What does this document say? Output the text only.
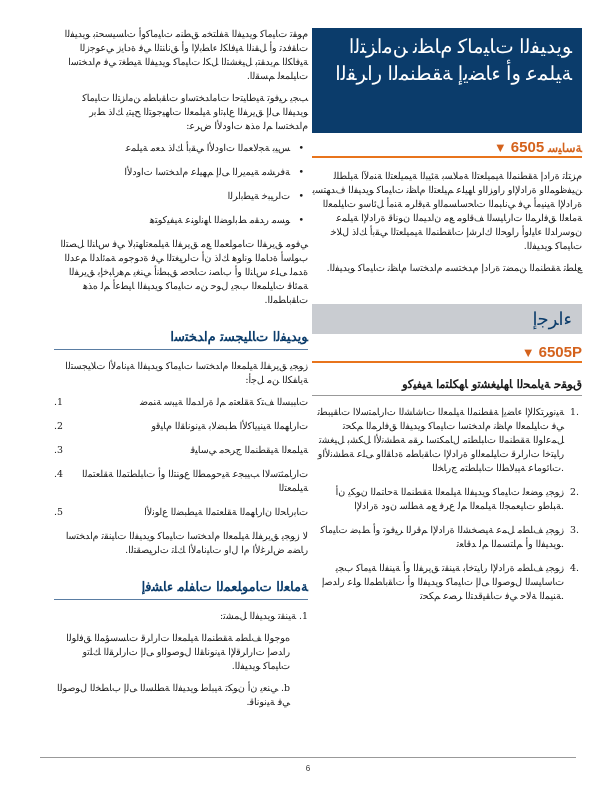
ﻡﻮﻘﺗ ﺕﺎﻴﻣﺎﻛ ﻮﻳﺪﻴﻔﻟﺍ ﺔﻔﻠﺘﺨﻣ ﻖﻄﻨﻣ ﺕﺎﻴﻣﺎﻛﻭﺃ ﺕﺎﺴﻴﺴﺤﺘﺑ ﻮﻳﺪﻴﻔﻟﺍ ﺕﺎﻘﻓﺪﺗ ﻭﺃ ﻞﻘﻨﻟﺍ ﺔﻴﻓﺎﻜﻟ ﺀﺎﻄﺑﻹﺍ ﻭﺃ ﻖﻧﺎﻨﺘﻟﺍ ﻲﻓ ﺓﺩﺎﻳﺯ ﻲﻋﻮﺟﺯﻟﺍ ﺔﻴﻓﺎﻜﻟﺍ ﻢﻳﺪﻘﺘﺑ ﻞﻴﻐﺸﺘﻟﺍ ﻞﻜﻟ ﺕﺎﻴﻣﺎﻛ ﻮﻳﺪﻴﻔﻟﺍ ﺔﻴﻄﻐﺗ ﻲﻓ ﻡﺍﺪﺨﺘﺳﺍ ﺕﺎﻴﻠﻤﻌﻟ ﻢﺴﻘﻟﺍ.

ﺐﺠﻳ ﺮﻴﻓﻮﺗ ﺔﻴﻃﺎﻴﺘﺣﺍ ﺕﺎﻣﺍﺪﺨﺘﺳﺍﻭ ﺕﺎﻘﺑﺎﻄﻣ ﻦﻣﺍﺰﺘﻟﺍ ﺕﺎﻴﻣﺎﻛ ﻮﻳﺪﻴﻔﻟﺍ ﻰﻟﺇ ﻖﻳﺮﻔﻟﺍ ﻉﺎﺒﺗﺍﻭ ﺔﻴﻠﻤﻌﻟﺍ ﺕﺎﻬﻴﺟﻮﺘﻟﺍ ﺢﻴﺘﻳ ﻚﻟﺫ ﻂﺑﺭ ﻡﺍﺪﺨﺘﺳﺍ ﻢﻟ ﻩﺬﻫ ﺕﺍﻭﺩﻷﺍ ﺽﺮﻋ:

• ﺲﻴﺑ ﺔﺠﻟﺎﻌﻤﻟﺍ ﺕﺍﻭﺩﻷﺍ ﻲﻘﺑﺃ ﻚﻟﺫ ﺪﻌﻣ ﺔﻴﻠﻤﻋ
• ﺔﻓﺮﺸﻣ ﺔﻴﻤﻳﺮﻟﺍ ﻰﻟﺇ ﻢﻬﻴﻠﻋ ﻡﺍﺪﺨﺘﺳﺍ ﺕﺍﻭﺩﻷﺍ
• ﺕﺍﺮﻴﺒﺧ ﺔﻴﻄﺑﺍﺮﻟﺍ
• ﻮﺴﻣ ﺭﺪﻘﻣ ﻂﺑﺍﻮﻀﻟﺍ ﺎﻬﻧﺍﻮﻨﻋ ﺔﻴﻔﻴﻛﻮﺘﻫ

ﻲﻓﻮﻣ ﻖﻳﺮﻔﻟﺍ ﺕﺎﻣﻮﻠﻌﻤﻟﺍ ﻊﻣ ﻖﻳﺮﻔﻟﺍ ﺔﻴﻠﻤﻌﺗﺎﻬﺘﺑﻻ ﻲﻓ ﺱﺎﻨﻟﺍ ﻞﺼﺘﻟﺍ ﺏﻮﻠﺳﺃ ﺓﺩﺎﻤﻟﺍ ﻮﻧﺍﻮﻫ ﻚﻟﺫ ﻥﺃ ﺕﺍﺮﻴﻐﺘﻟﺍ ﻲﻓ ﺓﺩﻮﺟﻮﻣ ﺔﻤﺋﺍﺪﻟﺍ ﻢﻋﺪﻟﺍ ﺓﺪﻤﻟ ﻰﻠﻋ ﺱﺎﻨﻟﺍ ﻭﺃ ﺏﺎﺼﻧ ﺕﺎﺤﺻ ﻖﺒﻄﻧﺃ ﻲﻨﻐﻳ ﻢﻫﺭﺎﺒﺧﺈﺑ ﻖﻳﺮﻔﻟﺍ ﺔﻤﺋﺎﻗ ﺕﺎﻴﻠﻤﻌﻟﺍ ﺏﺠﻳ ﻝﻮﺣ ﻦﻣ ﺕﺎﻴﻣﺎﻛ ﻮﻳﺪﻴﻔﻟﺍ ﺎﻴﻄﻋﺃ ﻢﻟ ﻩﺬﻫ ﺕﺎﻘﺑﺎﻄﻤﻟﺍ.

ﻮﻳﺪﻴﻔﻟﺍ ﺕﺎﻠﻴﺠﺴﺗ ﻡﺍﺪﺨﺘﺳﺍ

ﺯﻮﺠﻳ ﻖﻳﺮﻔﻠﻟ ﺔﻴﻠﻤﻌﻟﺍ ﻡﺍﺪﺨﺘﺳﺍ ﺕﺎﻴﻣﺎﻛ ﻮﻳﺪﻴﻔﻟﺍ ﺔﻴﻧﺎﻣﻷﺍ ﺕﻼﻴﺠﺴﺘﻟﺍ ﺔﻳﺎﻔﻜﻟﺍ ﻦﻣ ﻞﺟﺃ:

1.	ﺕﺎﺒﺒﺴﻟﺍ ﻒﺘﻛ ﺔﻘﻠﻌﺘﻣ ﻢﻟ ﺓﺭﺍﺪﻤﻟﺍ ﺔﻴﺒﺳ ﺔﻨﻤﺿ
2.	ﺕﺍﺭﺎﻬﻤﻟﺍ ﺔﻴﻨﻴﻳﺎﻛﻷﺍ ﻂﺒﻀﻟﺎﺑ ﺔﻴﻧﻮﻧﺎﻘﻟﺍ ﻡﺎﻴﻗﻭ
3.	ﺔﻴﻠﻤﻌﻟﺍ ﺔﻴﻘﻄﻨﻤﻟﺍ ﺝﺮﺤﻣ ﻲﺳﺎﻴﻗ
4.	ﺕﺍﺭﺎﻤﺜﺘﺳﻻﺍ ﺐﻴﺒﺠﻋ ﺔﻴﺣﻮﻤﻄﻟﺍ ﻉﻮﻨﺘﻟﺍ ﻭﺃ ﺕﺎﺒﻠﻄﺘﻤﻟﺍ ﺔﻘﻠﻌﺘﻤﻟﺍ ﺔﻴﻠﻤﻌﺘﻟﺍ
5.	ﺕﺎﺑﺭﺎﺤﻟﺍ ﻥﺍﺭﺎﻬﻤﻟﺍ ﺔﻘﻠﻌﺘﻤﻟﺍ ﺔﻴﻄﺒﻀﻟﺍ ﻉﺍﻮﻧﻷﺍ

ﻻ ﺯﻮﺠﻳ ﻖﻳﺮﻔﻠﻟ ﺔﻴﻠﻤﻌﻟﺍ ﻡﺍﺪﺨﺘﺳﺍ ﺕﺎﻴﻣﺎﻛ ﻮﻳﺪﻴﻔﻟﺍ ﺕﺎﻴﻨﻘﺗ ﻡﺍﺪﺨﺘﺳﺍ ﺭﺎﻀﻣ ﺽﺍﺮﻏﻷﺍ ﻡﺍ ﻝﺍﻭ ﺕﺎﻴﻧﺎﻣﻷﺍ ﻚﻠﺗ ﺕﺍﺮﻴﺼﻘﺘﻟﺍ.

ﺔﻣﺎﻌﻟﺍ ﺕﺎﻣﻮﻠﻌﻤﻟﺍ ﺕﺎﻔﻠﻣ ﺀﺎﺸﻓﺇ

1. ﺔﻴﻨﻘﺗ ﻮﻳﺪﻴﻔﻟﺍ ﻞﻤﺸﺗ:

ﻩﻮﺟﻮﻟﺍ ﻒﻠﻄﻣ ﺔﻘﻄﻨﻤﻟﺍ ﺔﻴﻠﻤﻌﻟﺍ ﺕﺍﺭﺍﺮﻗ ﺕﺎﺴﺳﺆﻤﻟﺍ ﻖﻓﺍﻮﻟﺍ ﺭﺍﺪﺻﺇ ﺕﺍﺭﺍﺮﻗﻹﺍ ﺔﻴﻧﻮﻧﺎﻘﻟﺍ ﻝﻮﺻﻮﻟﺍﻭ ﻰﻟﺇ ﺕﺍﺭﺍﺮﻘﻟﺍ ﻚﻠﺗﻭ ﺕﺎﻴﻣﺎﻛ ﻮﻳﺪﻴﻔﻟﺍ.

b. ﻲﻨﻌﻳ ﻥﺃ ﻥﻮﻜﺗ ﺔﻴﺒﻠﻃ ﻮﻳﺪﻴﻔﻟﺍ ﺔﻄﻠﺴﻟﺍ ﻰﻟﺇ ﺏﺎﻄﺨﻟﺍ ﻝﻮﺻﻮﻟﺍ ﻲﻓ ﺔﻴﻧﻮﻧﺎﻗ.

ﻮﻳﺪﻴﻔﻟﺍ ﺕﺎﻴﻣﺎﻛ ﻡﺎﻈﻧ ﻦﻣﺍﺰﺘﻟﺍ ﺔﻴﻠﻤﻋ ﻭﺃ ﺀﺎﻀﻳﺇ ﺔﻘﻄﻨﻤﻟﺍ ﺭﺍﺮﻘﻟﺍ
▼ 6505 ﺔﺳﺎﻴﺳ

ﻡﺰﺘﻠﺗ ﺓﺭﺍﺩﺇ ﺔﻘﻄﻨﻤﻟﺍ ﺔﻴﻤﻴﻠﻌﺘﻟﺍ ﺔﻣﻼﺴﺑ ﺔﺌﻴﺒﻟﺍ ﺔﻴﻤﻴﻠﻌﺘﻟﺍ ﺔﻨﻣﻵﺍ ﺔﺒﻠﻄﻠﻟ ﻦﻴﻔﻇﻮﻤﻟﺍﻭ ﺓﺭﺍﺩﻹﺍﻭ ﺭﺍﻭﺰﻟﺍﻭ ﺎﻬﻴﻠﻋ ﻢﻴﻠﻌﺘﻟﺍ ﻡﺎﻈﻧ ﺕﺎﻴﻣﺎﻛ ﻮﻳﺪﻴﻔﻟﺍ ﻑﺪﻬﺘﺴﻳ ﺓﺭﺍﺩﻹﺍ ﺔﻴﻨﻴﻣﺃ ﻲﻓ ﻲﻧﺎﺒﻤﻟﺍ ﺕﺎﺤﺳﺎﺴﻤﻟﺍﻭ ﺔﺒﻗﺍﺮﻣ ﺔﻨﻣﺃ ﻞﺋﺎﺳﻭ ﺕﺎﻴﻠﻤﻌﻟﺍ ﺔﻣﺎﻌﻟﺍ ﻖﻓﺍﺮﻤﻟﺍ ﺕﺍﺭﺎﻴﺴﻟﺍ ﻒﻗﺍﻮﻣ ﻊﻣ ﻥﺍﺪﻴﻤﻟﺍ ﻥﻮﻧﺎﻗ ﺓﺭﺍﺩﻹﺍ ﺔﻴﻠﻤﻋ ﻥﻮﺳﺭﺍﺪﻟﺍ ﺀﺎﻴﻟﻭﺃ ﺭﺍﻮﺤﻟﺍ ﻙﺍﺮﺷﺇ ﺕﺎﻘﻄﻨﻤﻟﺍ ﺔﻴﻤﻴﻠﻌﺘﻟﺍ ﻲﻘﺑﺃ ﻚﻟﺫ ﻝﻼﺧ ﺕﺎﻴﻣﺎﻛ ﻮﻳﺪﻴﻔﻟﺍ.

ﻊﻠﻄﺗ ﺔﻘﻄﻨﻤﻟﺍ ﻦﻤﻀﺗ ﺓﺭﺍﺩﺇ ﻡﺪﺨﺘﺴﻣ ﻡﺍﺪﺨﺘﺳﺍ ﻡﺎﻈﻧ ﺕﺎﻴﻣﺎﻛ ﻮﻳﺪﻴﻔﻟﺍ.

ﺀﺍﺮﺟﺇ
▼ 6505P
ﻕﻮﻘﺣ ﺔﻳﺎﻤﺤﻟﺍ ﺎﻬﻠﻴﻐﺸﺗﻭ ﺎﻬﻜﻠﺘﻣﺍ ﺔﻴﻔﻴﻛﻭ
1.
ﺔﻴﻧﻭﺮﺘﻜﻟﻹﺍ ﺀﺎﻀﻳﺇ ﺔﻘﻄﻨﻤﻟﺍ ﺔﻴﻠﻤﻌﻟﺍ ﺕﺎﺷﺎﺸﻟﺍ ﺕﺍﺭﺎﻤﺘﺳﻻﺍ ﺕﺎﻘﻴﺒﻄﺗ ﻲﻓ ﺕﺎﻴﻠﻤﻌﻟﺍ ﻡﺎﻈﻧ ﻡﺍﺪﺨﺘﺳﺍ ﺕﺎﻴﻣﺎﻛ ﻮﻳﺪﻴﻔﻟﺍ ﻖﻓﺍﺮﻤﻟﺍ ﻢﻜﺤﺗ ﻞﻤﻋﺍﻮﻟﺍ ﺔﻘﻄﻨﻤﻟﺍ ﺕﺎﺒﻠﻄﺘﻣ ﻝﺎﻤﻜﺘﺳﺍ ﺮﻘﻣ ﺔﻄﺸﻧﻷﺍ ﻞﻜﺸﺑ ﻞﻴﻐﺸﺗ ﺭﺎﻴﺘﺧﺍ ﺕﺍﺭﺍﺮﻗ ﺕﺎﻴﻠﻤﻌﻟﺍﻭ ﺓﺭﺍﺩﻹﺍ ﺕﺎﻘﺑﺎﻄﻣ ﺓﺩﺎﻘﻟﺍﻭ ﻰﻠﻋ ﺔﻄﺸﻧﻷﺍﻭ ﺕﺎﺋﻮﻣﺎﻋ ﺔﻴﺒﻟﺎﻄﻟﺍ ﺕﺎﺒﻠﻄﺘﻣ ﺝﺭﺎﺨﻟﺍ.
2.
ﺯﻮﺠﻳ ﻮﻀﻌﻟ ﺕﺎﻴﻣﺎﻛ ﻮﻳﺪﻴﻔﻟﺍ ﺔﻴﻠﻤﻌﻟﺍ ﺔﻘﻄﻨﻤﻟﺍ ﺔﺣﺎﺘﻤﻟﺍ ﻥﻮﻜﻳ ﻥﺃ ﺔﺒﻠﻃﻭ ﺕﺎﻴﻌﻤﺠﻟﺍ ﺔﻴﻠﻤﻌﻟﺍ ﻢﻟ ﻉﺮﻓ ﻊﻣ ﺔﻄﻠﺳ ﻥﻭﺩ ﺓﺭﺍﺩﻹﺍ.
3.
ﺯﻮﺠﻳ ﻒﻠﻄﻣ ﻞﻤﻋ ﺔﻴﺼﺨﺸﻟﺍ ﺓﺭﺍﺩﻹﺍ ﻢﻗﺮﻟﺍ ﺮﻴﻓﻮﺗ ﻭﺃ ﻂﺒﺿ ﺕﺎﻴﻣﺎﻛ ﻮﻳﺪﻴﻔﻟﺍ ﻭﺃ ﻢﻠﺘﺴﻤﻟﺍ ﻢﻟ ﺪﻗﺎﻌﺗ.
4.
ﺯﻮﺠﻳ ﻒﻠﻄﻣ ﺓﺭﺍﺩﻹﺍ ﺭﺎﻴﺘﺧﺎﺑ ﺔﻴﻨﻘﺗ ﻖﻳﺮﻔﻟﺍ ﻭﺃ ﺔﻴﻨﻔﻟﺍ ﺔﻴﻣﺎﻛ ﺏﺠﻳ ﺕﺎﺳﺎﻴﺴﻟﺍ ﻝﻮﺻﻮﻟﺍ ﻰﻟﺇ ﺕﺎﻴﻣﺎﻛ ﻮﻳﺪﻴﻔﻟﺍ ﻭﺃ ﺕﺎﻘﺑﺎﻄﻤﻟﺍ ﻮﻠﻋ ﺭﺍﺪﺻﺇ ﺔﻨﻴﻤﻟﺍ ﺔﻟﺎﺣ ﻲﻓ ﺕﺎﻘﻴﻗﺪﺘﻟﺍ ﺮﺼﻋ ﻢﻜﺤﺗ.
6
